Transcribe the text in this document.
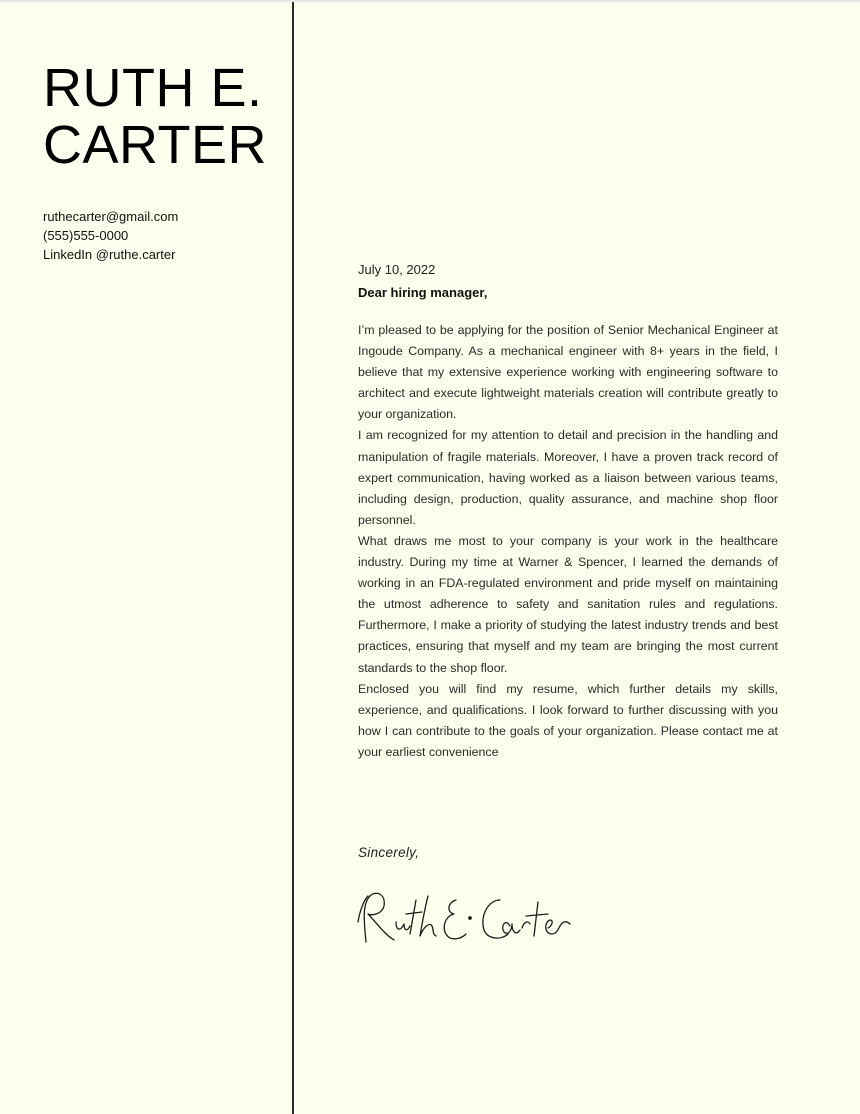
RUTH E.
CARTER
ruthecarter@gmail.com
(555)555-0000
LinkedIn @ruthe.carter
July 10, 2022
Dear hiring manager,

I’m pleased to be applying for the position of Senior Mechanical Engineer at Ingoude Company. As a mechanical engineer with 8+ years in the field, I believe that my extensive experience working with engineering software to architect and execute lightweight materials creation will contribute greatly to your organization.

I am recognized for my attention to detail and precision in the handling and manipulation of fragile materials. Moreover, I have a proven track record of expert communication, having worked as a liaison between various teams, including design, production, quality assurance, and machine shop floor personnel.

What draws me most to your company is your work in the healthcare industry. During my time at Warner & Spencer, I learned the demands of working in an FDA-regulated environment and pride myself on maintaining the utmost adherence to safety and sanitation rules and regulations. Furthermore, I make a priority of studying the latest industry trends and best practices, ensuring that myself and my team are bringing the most current standards to the shop floor.

Enclosed you will find my resume, which further details my skills, experience, and qualifications. I look forward to further discussing with you how I can contribute to the goals of your organization. Please contact me at your earliest convenience

Sincerely,
